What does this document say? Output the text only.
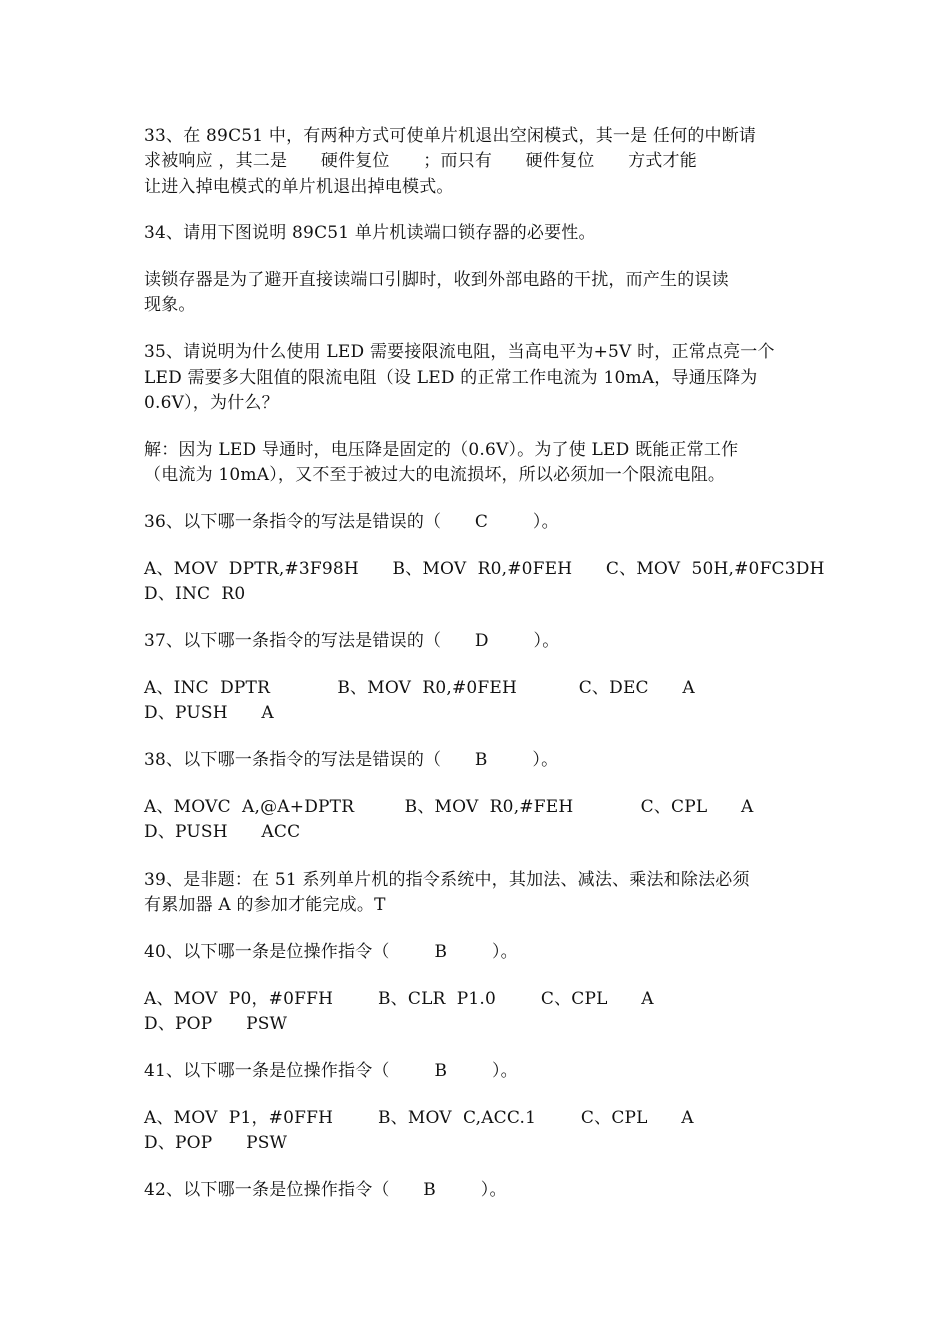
33、在 89C51 中，有两种方式可使单片机退出空闲模式，其一是 任何的中断请
求被响应 ，其二是      硬件复位      ；而只有      硬件复位      方式才能
让进入掉电模式的单片机退出掉电模式。
34、请用下图说明 89C51 单片机读端口锁存器的必要性。
读锁存器是为了避开直接读端口引脚时，收到外部电路的干扰，而产生的误读
现象。
35、请说明为什么使用 LED 需要接限流电阻，当高电平为+5V 时，正常点亮一个
LED 需要多大阻值的限流电阻（设 LED 的正常工作电流为 10mA，导通压降为
0.6V），为什么？
解：因为 LED 导通时，电压降是固定的（0.6V）。为了使 LED 既能正常工作
（电流为 10mA），又不至于被过大的电流损坏，所以必须加一个限流电阻。
36、以下哪一条指令的写法是错误的（      C        ）。
A、MOV  DPTR,#3F98H      B、MOV  R0,#0FEH      C、MOV  50H,#0FC3DH
D、INC  R0
37、以下哪一条指令的写法是错误的（      D        ）。
A、INC  DPTR            B、MOV  R0,#0FEH           C、DEC      A
D、PUSH      A
38、以下哪一条指令的写法是错误的（      B        ）。
A、MOVC  A,@A+DPTR         B、MOV  R0,#FEH            C、CPL      A
D、PUSH      ACC
39、是非题：在 51 系列单片机的指令系统中，其加法、减法、乘法和除法必须
有累加器 A 的参加才能完成。T
40、以下哪一条是位操作指令（        B        ）。
A、MOV  P0，#0FFH        B、CLR  P1.0        C、CPL      A
D、POP      PSW
41、以下哪一条是位操作指令（        B        ）。
A、MOV  P1，#0FFH        B、MOV  C,ACC.1        C、CPL      A
D、POP      PSW
42、以下哪一条是位操作指令（      B        ）。
